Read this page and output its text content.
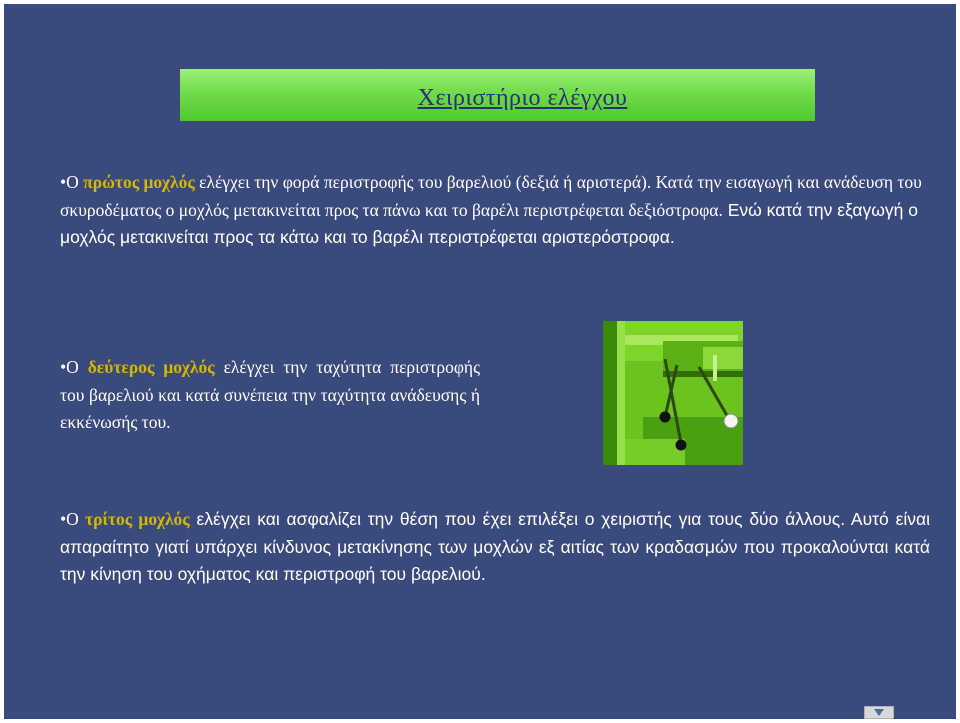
Χειριστήριο ελέγχου
•Ο πρώτος μοχλός ελέγχει την φορά περιστροφής του βαρελιού (δεξιά ή αριστερά). Κατά την εισαγωγή και ανάδευση του σκυροδέματος ο μοχλός μετακινείται προς τα πάνω και το βαρέλι περιστρέφεται δεξιόστροφα. Ενώ κατά την εξαγωγή ο μοχλός μετακινείται προς τα κάτω και το βαρέλι περιστρέφεται αριστερόστροφα.
•Ο δεύτερος μοχλός ελέγχει την ταχύτητα περιστροφής του βαρελιού και κατά συνέπεια την ταχύτητα ανάδευσης ή εκκένωσής του.
•Ο τρίτος μοχλός ελέγχει και ασφαλίζει την θέση που έχει επιλέξει ο χειριστής για τους δύο άλλους. Αυτό είναι απαραίτητο γιατί υπάρχει κίνδυνος μετακίνησης των μοχλών εξ αιτίας των κραδασμών που προκαλούνται κατά την κίνηση του οχήματος και περιστροφή του βαρελιού.
